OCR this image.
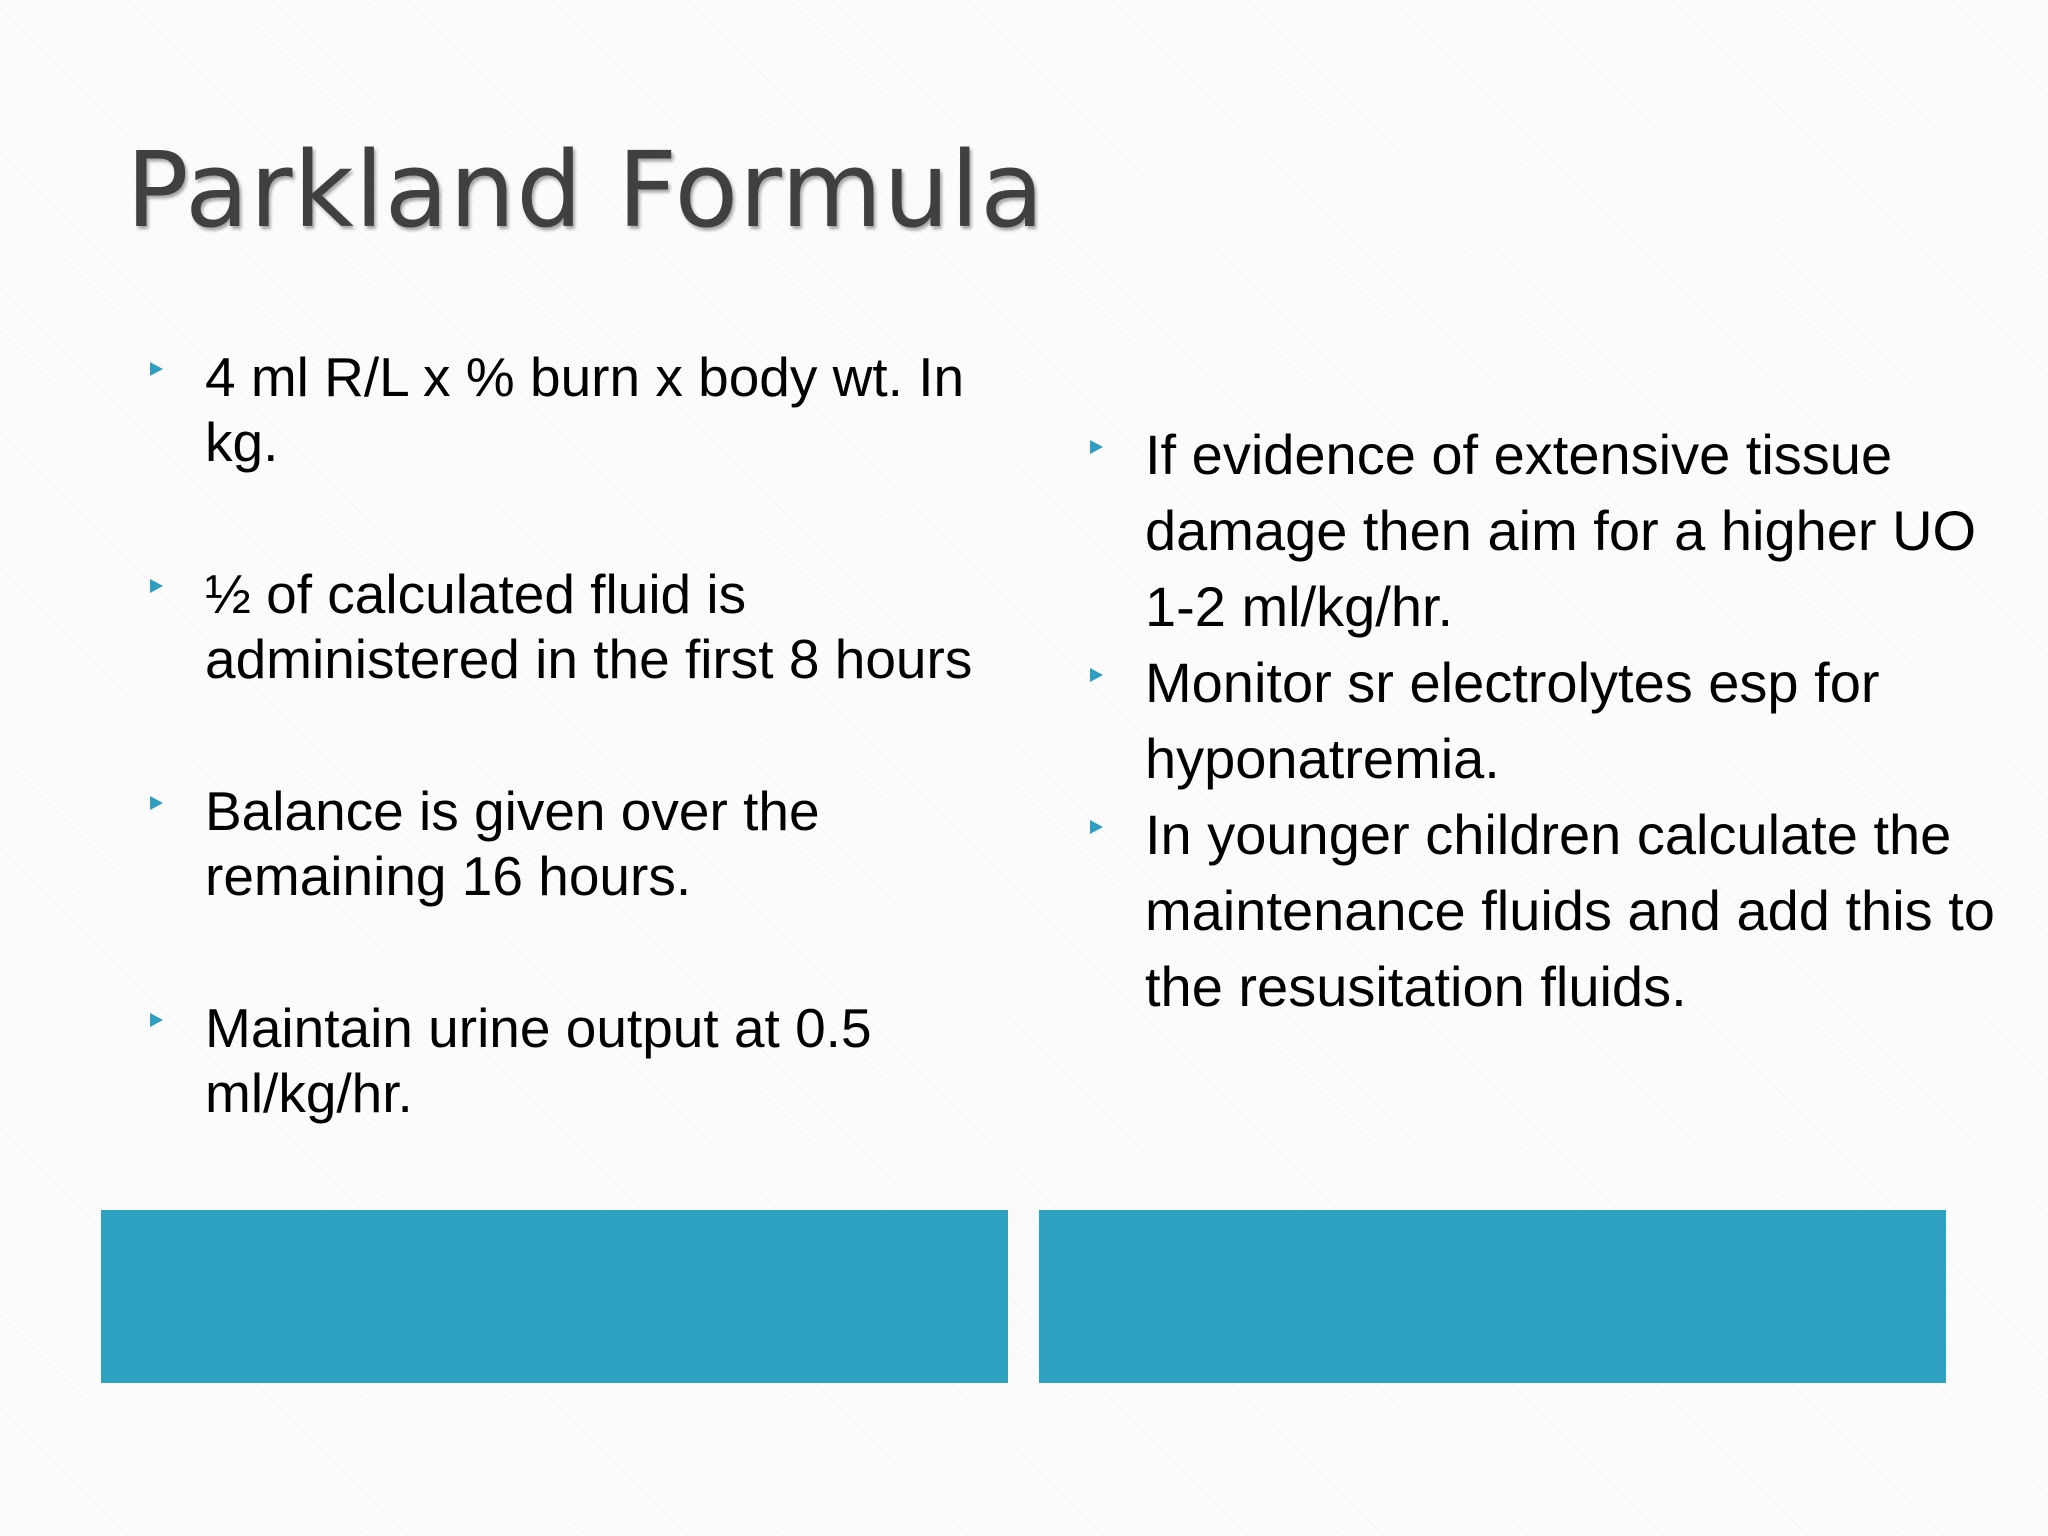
Parkland Formula
4 ml R/L x % burn x body wt. In kg.
½ of calculated fluid is administered in the first 8 hours
Balance is given over the remaining 16 hours.
Maintain urine output at 0.5 ml/kg/hr.
If evidence of extensive tissue damage then aim for a higher UO 1-2 ml/kg/hr.
Monitor sr electrolytes esp for hyponatremia.
In younger children calculate the maintenance fluids and add this to the resusitation fluids.
